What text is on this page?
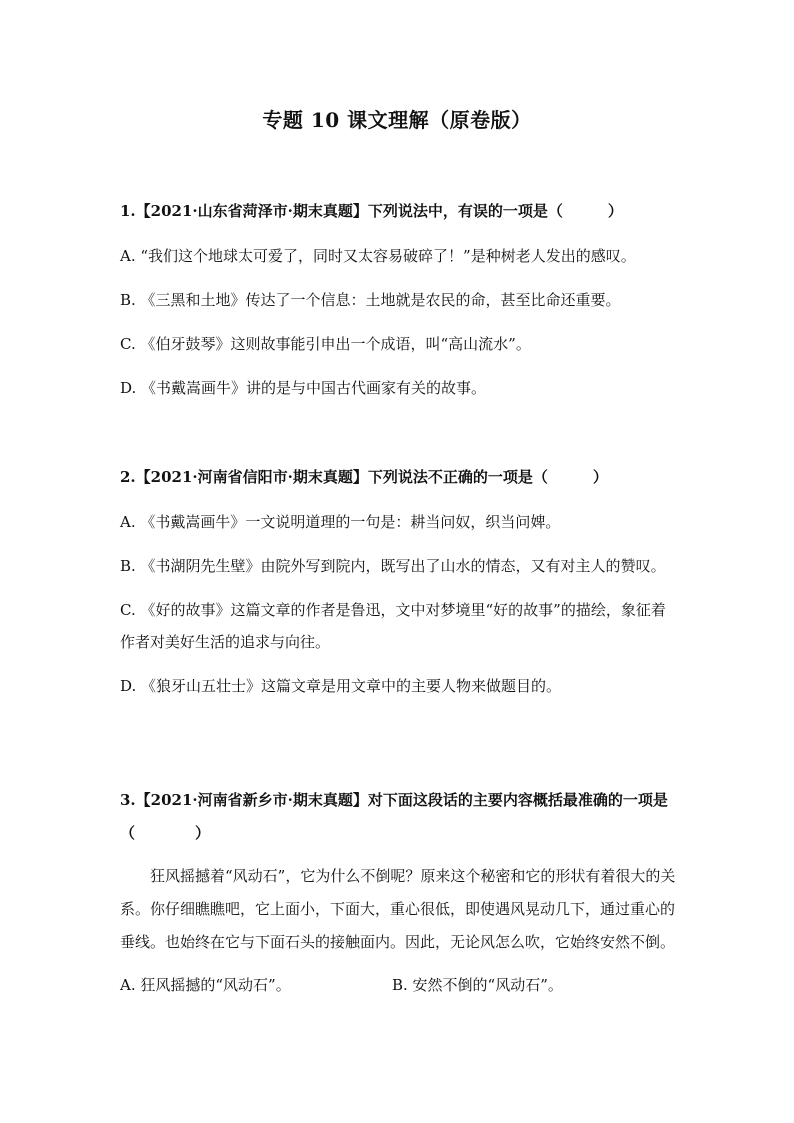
专题 10 课文理解（原卷版）

1.【2021·山东省菏泽市·期末真题】下列说法中，有误的一项是（　　　）

A. “我们这个地球太可爱了，同时又太容易破碎了！”是种树老人发出的感叹。

B. 《三黑和土地》传达了一个信息：土地就是农民的命，甚至比命还重要。

C. 《伯牙鼓琴》这则故事能引申出一个成语，叫“高山流水”。

D. 《书戴嵩画牛》讲的是与中国古代画家有关的故事。

2.【2021·河南省信阳市·期末真题】下列说法不正确的一项是（　　　）

A. 《书戴嵩画牛》一文说明道理的一句是：耕当问奴，织当问婢。

B. 《书湖阴先生壁》由院外写到院内，既写出了山水的情态，又有对主人的赞叹。

C. 《好的故事》这篇文章的作者是鲁迅，文中对梦境里“好的故事”的描绘，象征着作者对美好生活的追求与向往。

D. 《狼牙山五壮士》这篇文章是用文章中的主要人物来做题目的。

3.【2021·河南省新乡市·期末真题】对下面这段话的主要内容概括最准确的一项是（　　　　）

狂风摇撼着“风动石”，它为什么不倒呢？原来这个秘密和它的形状有着很大的关系。你仔细瞧瞧吧，它上面小，下面大，重心很低，即使遇风晃动几下，通过重心的垂线。也始终在它与下面石头的接触面内。因此，无论风怎么吹，它始终安然不倒。

A. 狂风摇撼的“风动石”。	B. 安然不倒的“风动石”。
